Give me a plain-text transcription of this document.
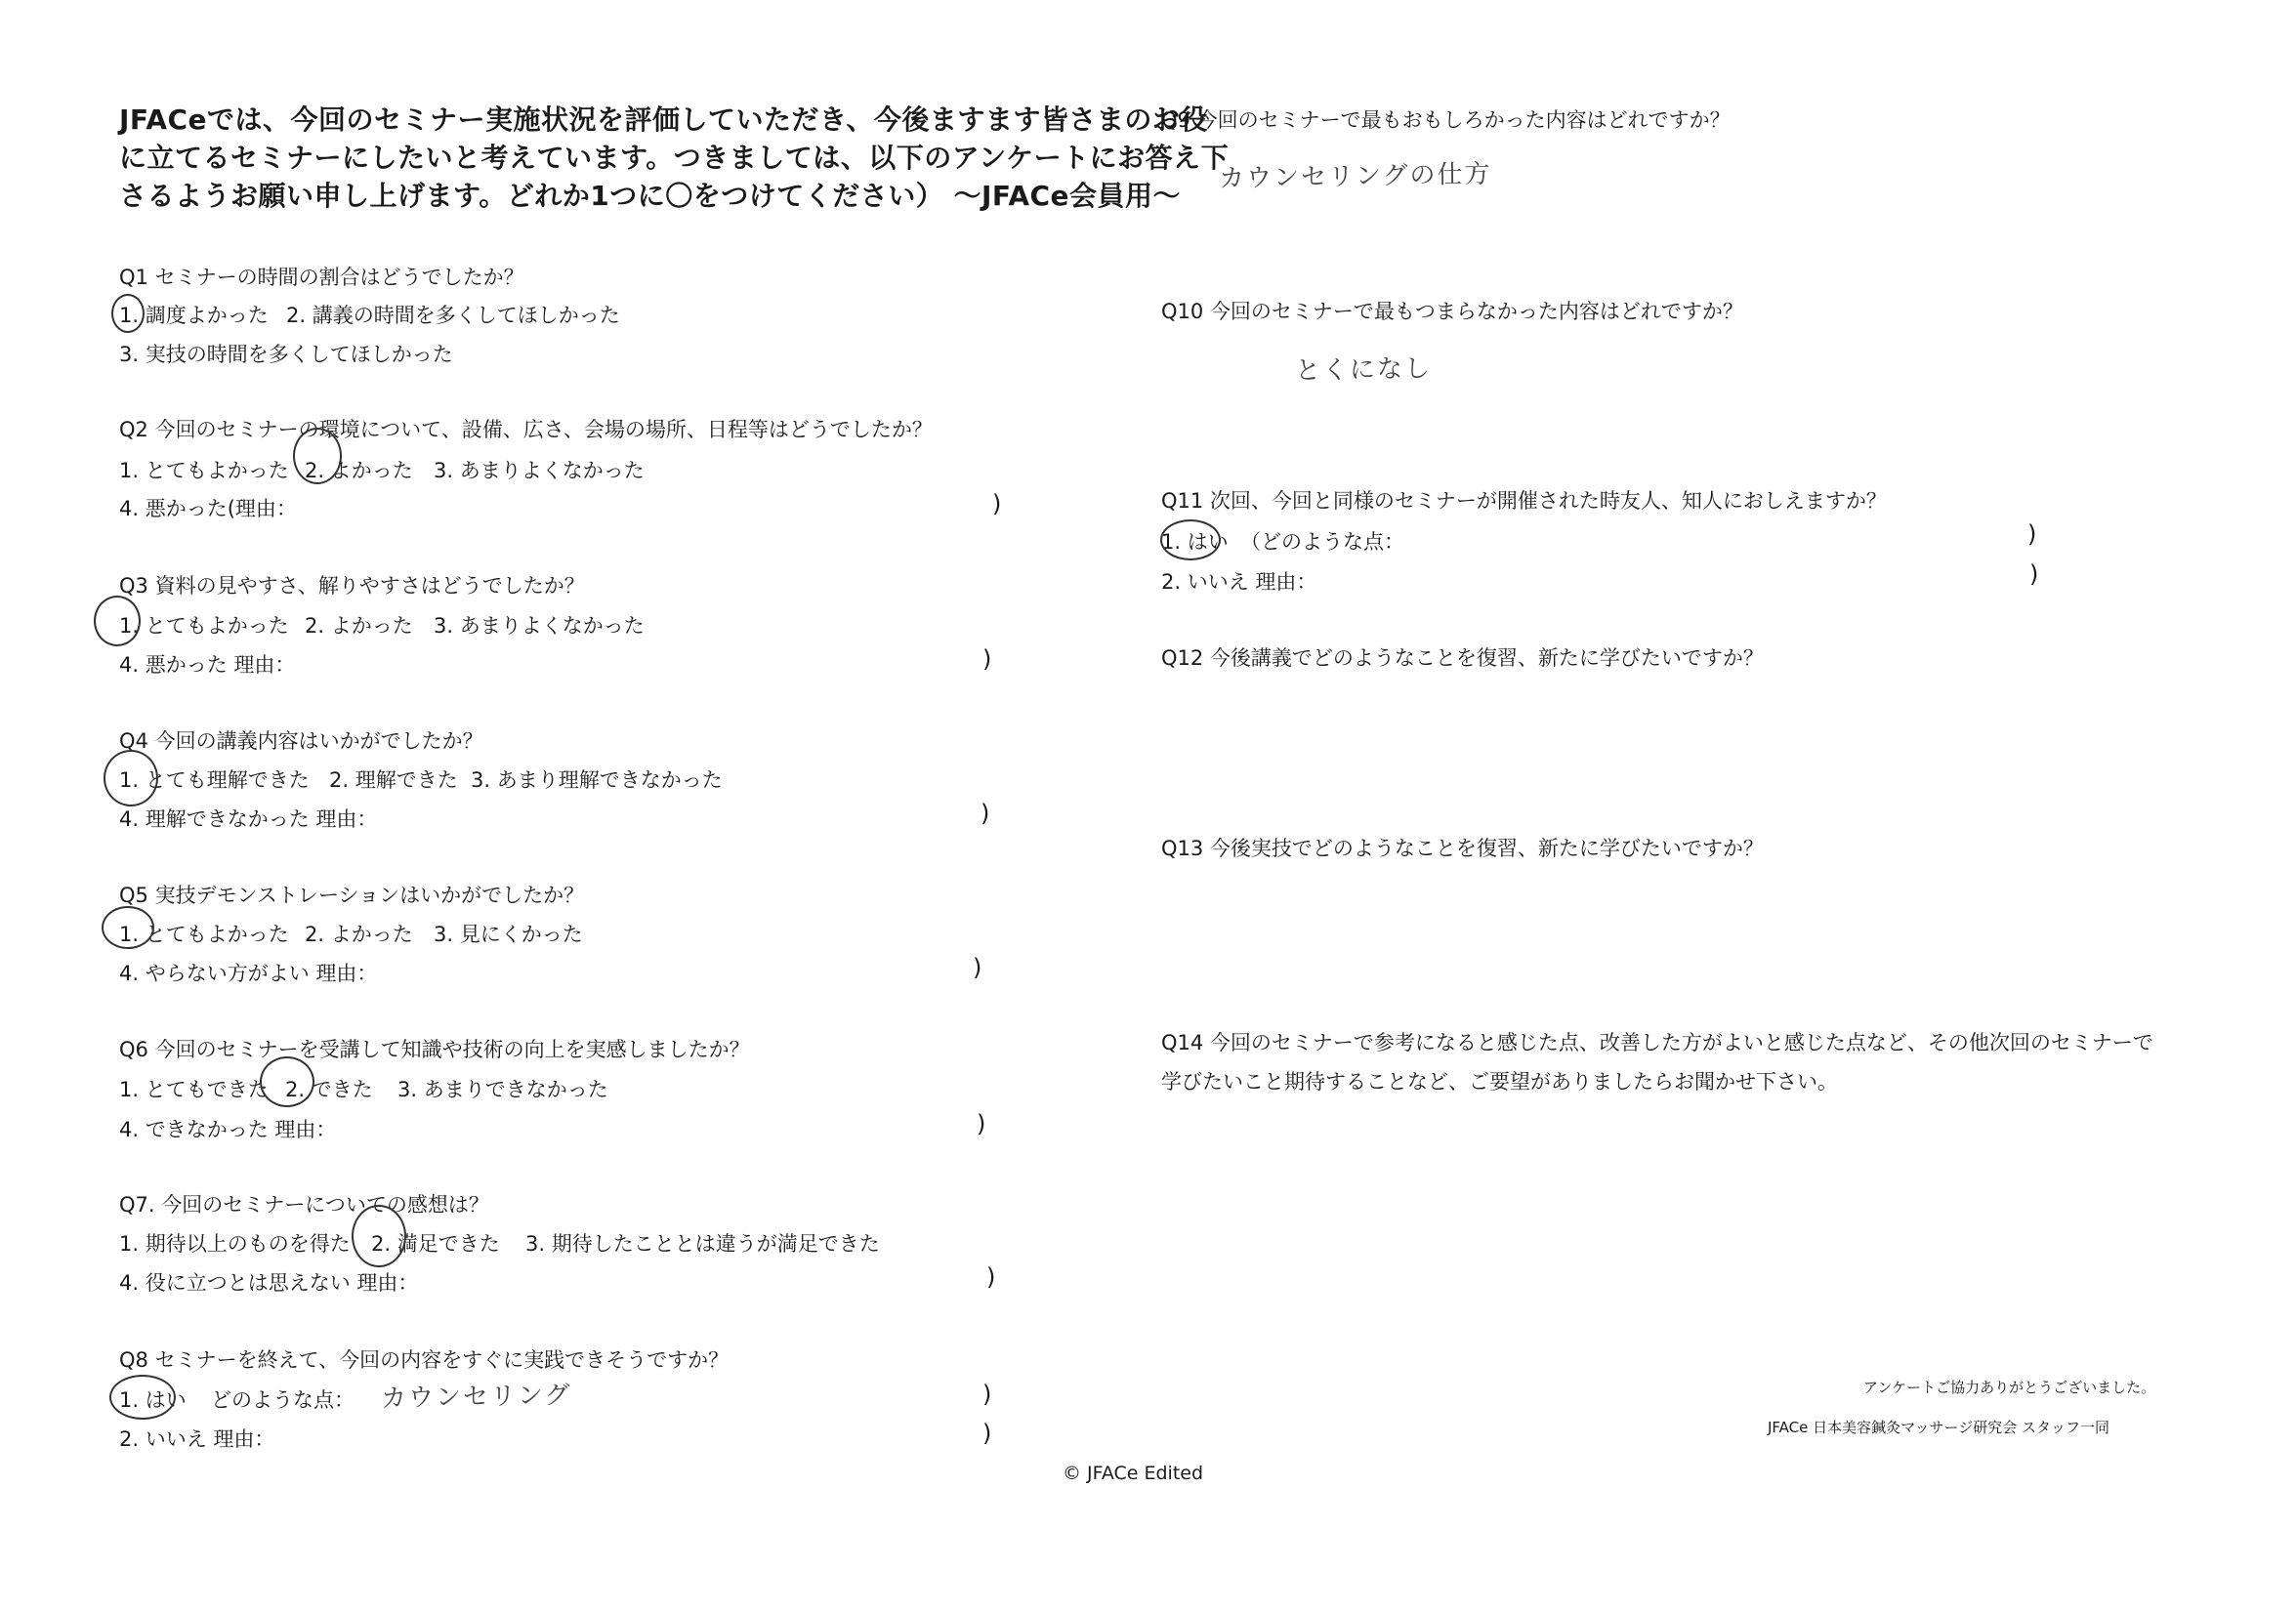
JFACeでは、今回のセミナー実施状況を評価していただき、今後ますます皆さまのお役
に立てるセミナーにしたいと考えています。つきましては、以下のアンケートにお答え下
さるようお願い申し上げます。どれか1つに〇をつけてください） 〜JFACe会員用〜
Q1 セミナーの時間の割合はどうでしたか？
1. 調度よかった 2. 講義の時間を多くしてほしかった
3. 実技の時間を多くしてほしかった
Q2 今回のセミナーの環境について、設備、広さ、会場の場所、日程等はどうでしたか？
1. とてもよかった 2. よかった 3. あまりよくなかった
4. 悪かった(理由：	)
Q3 資料の見やすさ、解りやすさはどうでしたか？
1. とてもよかった 2. よかった 3. あまりよくなかった
4. 悪かった 理由：	)
Q4 今回の講義内容はいかがでしたか？
1. とても理解できた 2. 理解できた 3. あまり理解できなかった
4. 理解できなかった 理由：	)
Q5 実技デモンストレーションはいかがでしたか？
1. とてもよかった 2. よかった 3. 見にくかった
4. やらない方がよい 理由：	)
Q6 今回のセミナーを受講して知識や技術の向上を実感しましたか？
1. とてもできた 2. できた 3. あまりできなかった
4. できなかった 理由：	)
Q7. 今回のセミナーについての感想は？
1. 期待以上のものを得た 2. 満足できた 3. 期待したこととは違うが満足できた
4. 役に立つとは思えない 理由：	)
Q8 セミナーを終えて、今回の内容をすぐに実践できそうですか？
1. はい どのような点： カウンセリング	)
2. いいえ 理由：	)
Q9 今回のセミナーで最もおもしろかった内容はどれですか？
カウンセリングの仕方
Q10 今回のセミナーで最もつまらなかった内容はどれですか？
とくになし
Q11 次回、今回と同様のセミナーが開催された時友人、知人におしえますか？
1. はい （どのような点：	)
2. いいえ 理由：	)
Q12 今後講義でどのようなことを復習、新たに学びたいですか？
Q13 今後実技でどのようなことを復習、新たに学びたいですか？
Q14 今回のセミナーで参考になると感じた点、改善した方がよいと感じた点など、その他次回のセミナーで
学びたいこと期待することなど、ご要望がありましたらお聞かせ下さい。
アンケートご協力ありがとうございました。
JFACe 日本美容鍼灸マッサージ研究会 スタッフ一同
© JFACe Edited
